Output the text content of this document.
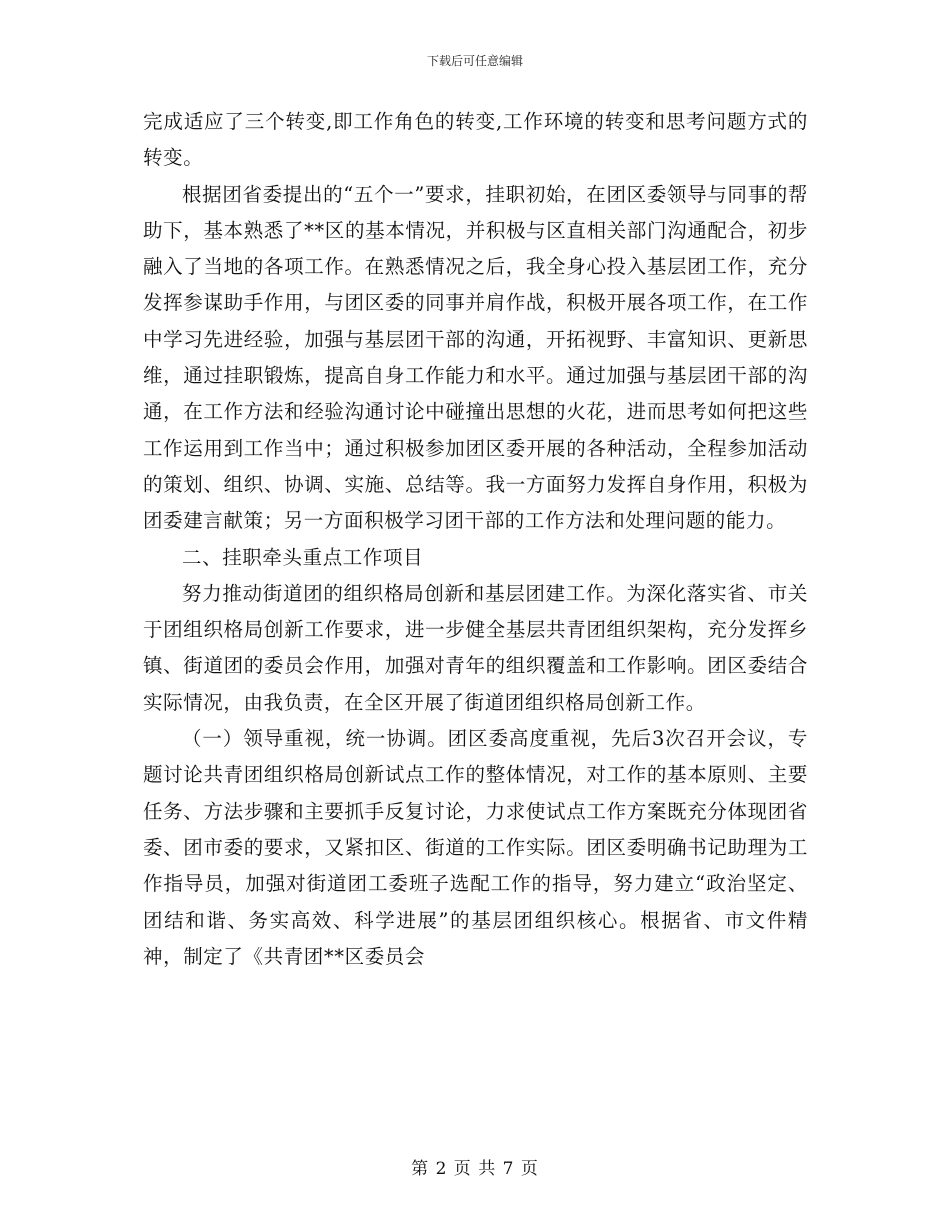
下载后可任意编辑

完成适应了三个转变,即工作角色的转变,工作环境的转变和思考问题方式的转变。

根据团省委提出的“五个一”要求，挂职初始，在团区委领导与同事的帮助下，基本熟悉了**区的基本情况，并积极与区直相关部门沟通配合，初步融入了当地的各项工作。在熟悉情况之后，我全身心投入基层团工作，充分发挥参谋助手作用，与团区委的同事并肩作战，积极开展各项工作，在工作中学习先进经验，加强与基层团干部的沟通，开拓视野、丰富知识、更新思维，通过挂职锻炼，提高自身工作能力和水平。通过加强与基层团干部的沟通，在工作方法和经验沟通讨论中碰撞出思想的火花，进而思考如何把这些工作运用到工作当中；通过积极参加团区委开展的各种活动，全程参加活动的策划、组织、协调、实施、总结等。我一方面努力发挥自身作用，积极为团委建言献策；另一方面积极学习团干部的工作方法和处理问题的能力。

二、挂职牵头重点工作项目

努力推动街道团的组织格局创新和基层团建工作。为深化落实省、市关于团组织格局创新工作要求，进一步健全基层共青团组织架构，充分发挥乡镇、街道团的委员会作用，加强对青年的组织覆盖和工作影响。团区委结合实际情况，由我负责，在全区开展了街道团组织格局创新工作。

（一）领导重视，统一协调。团区委高度重视，先后3次召开会议，专题讨论共青团组织格局创新试点工作的整体情况，对工作的基本原则、主要任务、方法步骤和主要抓手反复讨论，力求使试点工作方案既充分体现团省委、团市委的要求，又紧扣区、街道的工作实际。团区委明确书记助理为工作指导员，加强对街道团工委班子选配工作的指导，努力建立“政治坚定、团结和谐、务实高效、科学进展”的基层团组织核心。根据省、市文件精神，制定了《共青团**区委员会

第 2 页 共 7 页
